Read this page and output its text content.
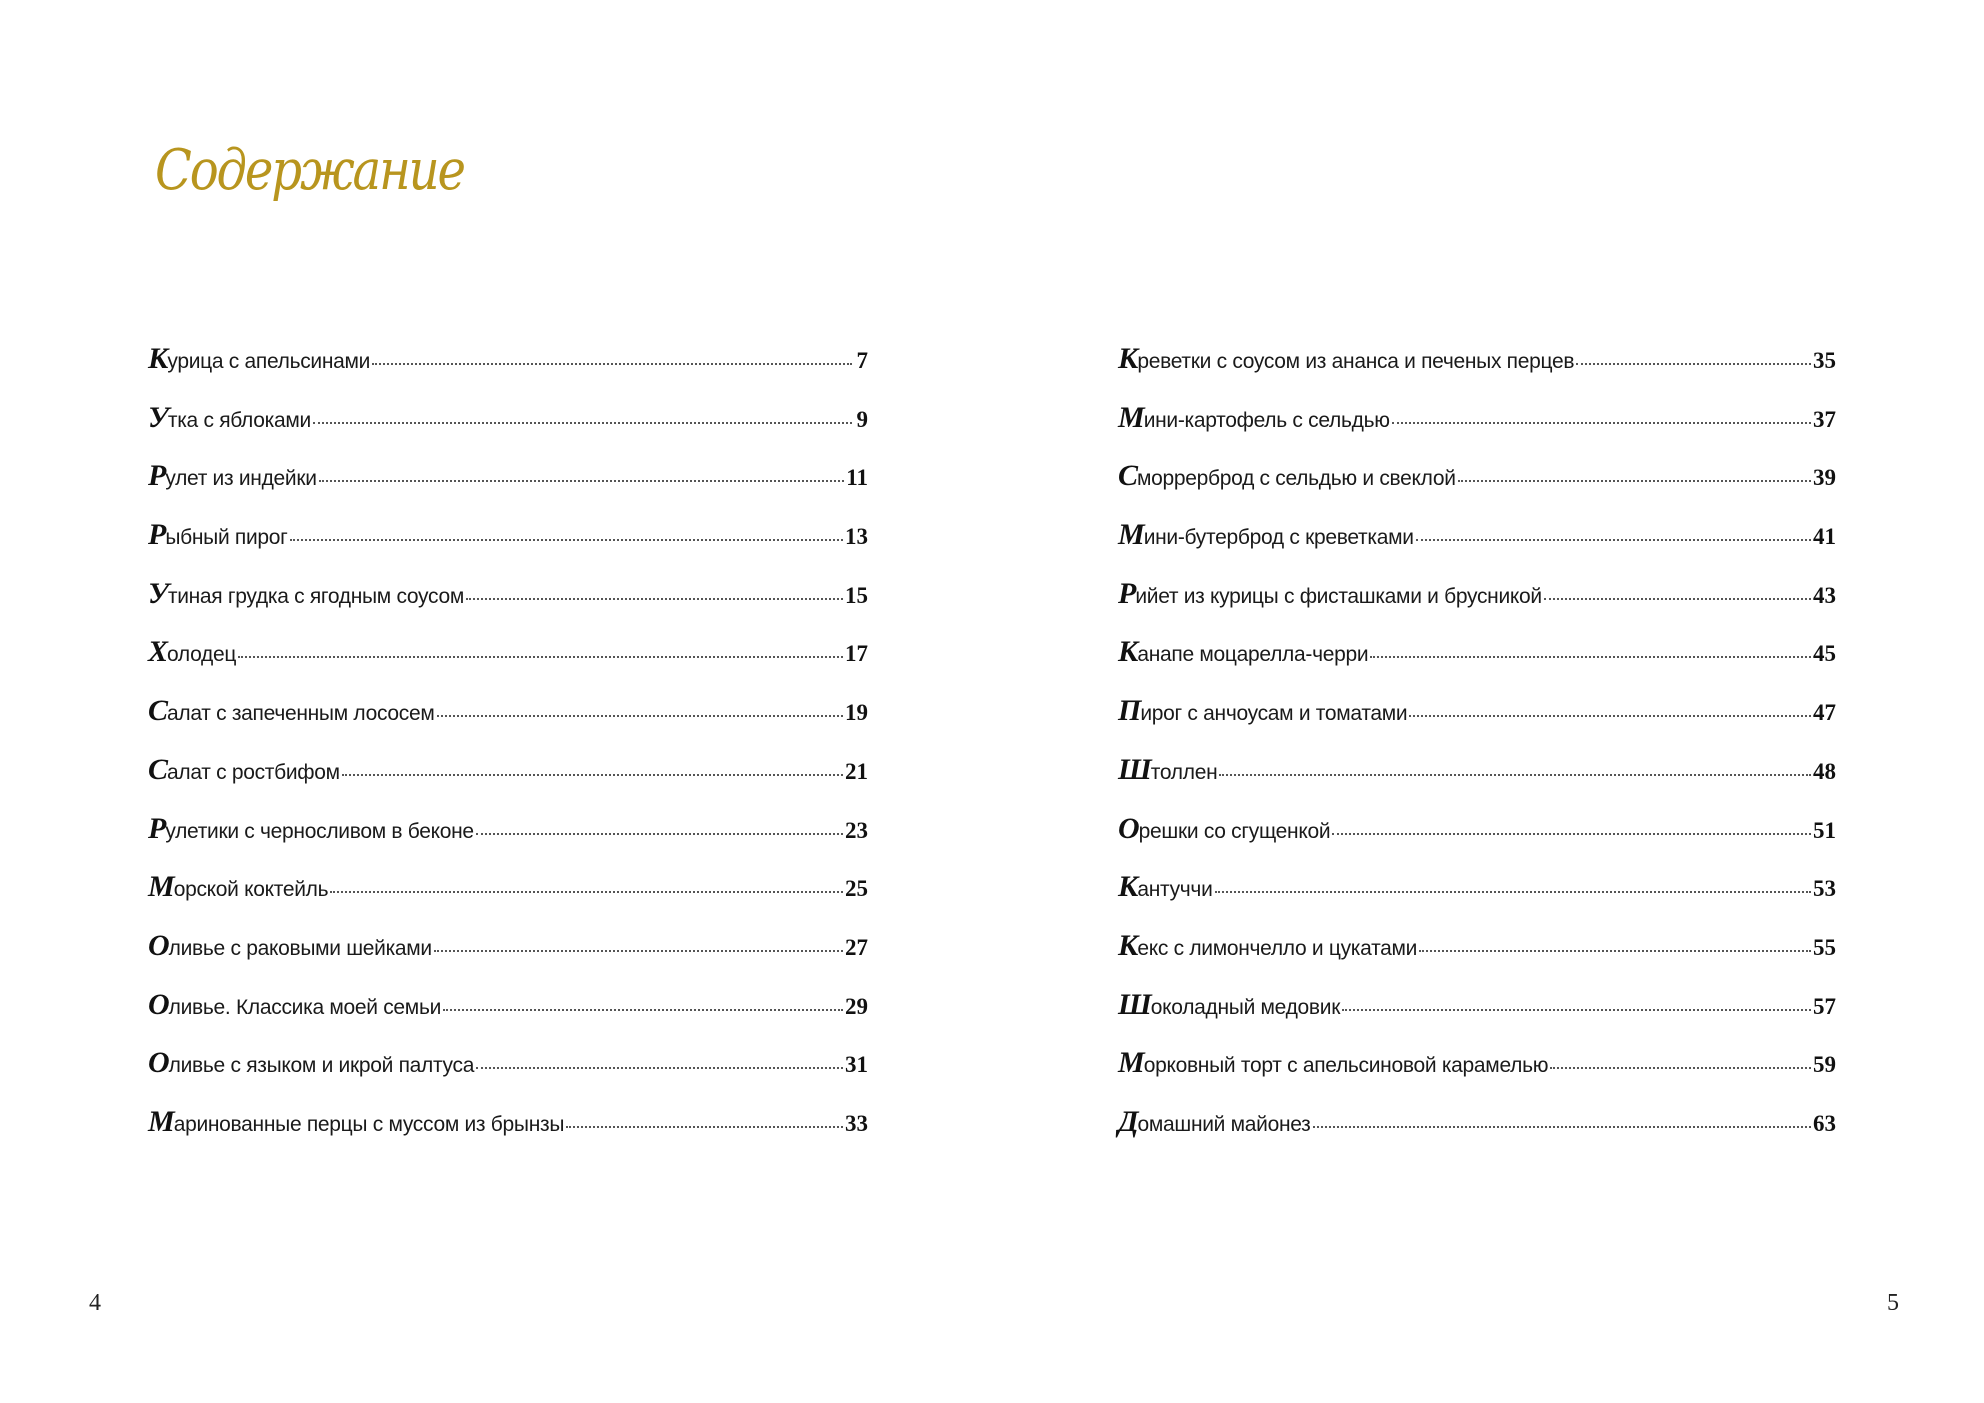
Содержание
Курица с апельсинами	7
Утка с яблоками	9
Рулет из индейки	11
Рыбный пирог	13
Утиная грудка с ягодным соусом	15
Холодец	17
Салат с запеченным лососем	19
Салат с ростбифом	21
Рулетики с черносливом в беконе	23
Морской коктейль	25
Оливье с раковыми шейками	27
Оливье. Классика моей семьи	29
Оливье с языком и икрой палтуса	31
Маринованные перцы с муссом из брынзы	33
4
Креветки с соусом из ананса и печеных перцев	35
Мини-картофель с сельдью	37
Сморрерброд с сельдью и свеклой	39
Мини-бутерброд с креветками	41
Рийет из курицы с фисташками и брусникой	43
Канапе моцарелла-черри	45
Пирог с анчоусам и томатами	47
Штоллен	48
Орешки со сгущенкой	51
Кантуччи	53
Кекс с лимончелло и цукатами	55
Шоколадный медовик	57
Морковный торт с апельсиновой карамелью	59
Домашний майонез	63
5
